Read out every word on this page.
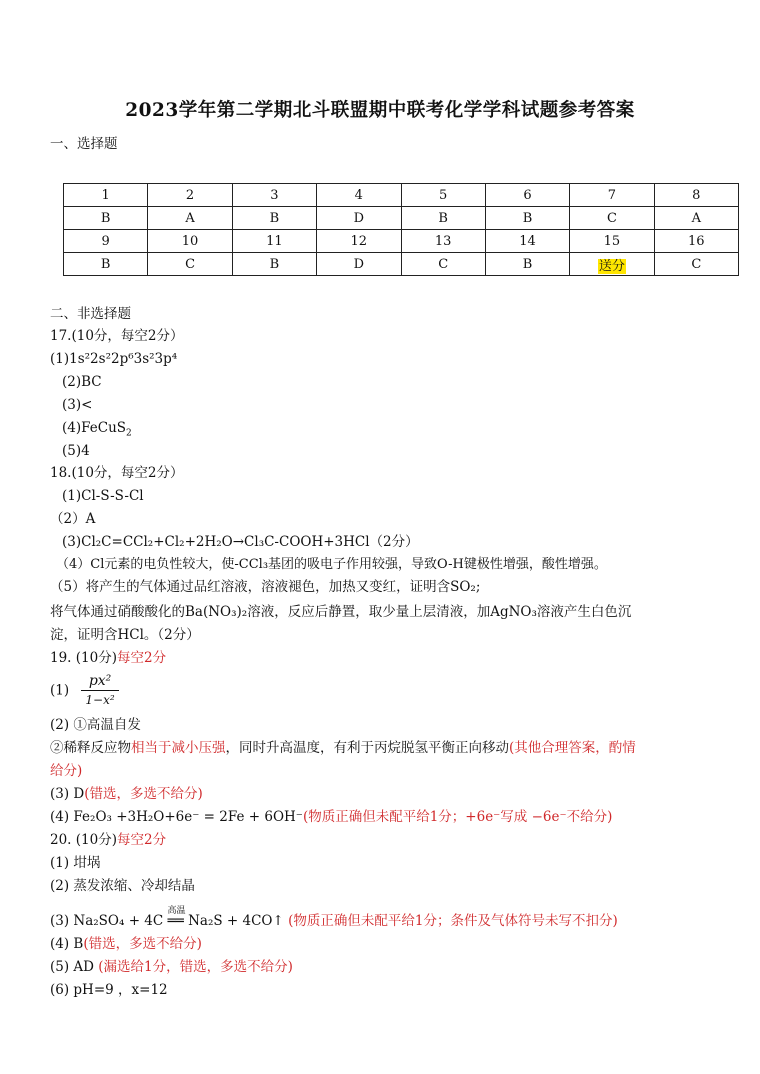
2023学年第二学期北斗联盟期中联考化学学科试题参考答案
一、选择题
1	2	3	4	5	6	7	8
B	A	B	D	B	B	C	A
9	10	11	12	13	14	15	16
B	C	B	D	C	B	送分	C
二、非选择题
17.(10分，每空2分）
(1)1s²2s²2p⁶3s²3p⁴
(2)BC
(3)<
(4)FeCuS$_2$
(5)4
18.(10分，每空2分）
(1)Cl-S-S-Cl
（2）A
(3)Cl₂C=CCl₂+Cl₂+2H₂O→Cl₃C-COOH+3HCl（2分）
（4）Cl元素的电负性较大，使-CCl₃基团的吸电子作用较强，导致O-H键极性增强，酸性增强。
（5）将产生的气体通过品红溶液，溶液褪色，加热又变红，证明含SO₂;
将气体通过硝酸酸化的Ba(NO₃)₂溶液，反应后静置，取少量上层清液，加AgNO₃溶液产生白色沉
淀，证明含HCl。（2分）
19. (10分)每空2分
$(1) \frac{\text{px²}}{\text{1−x²}}$
(2) ①高温自发
②稀释反应物相当于减小压强，同时升高温度，有利于丙烷脱氢平衡正向移动(其他合理答案，酌情
给分)
(3) D(错选，多选不给分)
(4) Fe₂O₃ +3H₂O+6e⁻ = 2Fe + 6OH⁻(物质正确但未配平给1分；+6e⁻写成 −6e⁻不给分)
20. (10分)每空2分
(1) 坩埚
(2) 蒸发浓缩、冷却结晶
(3) Na₂SO₄ + 4C
高温
══ Na₂S + 4CO↑ (物质正确但未配平给1分；条件及气体符号未写不扣分)
(4) B(错选，多选不给分)
(5) AD (漏选给1分，错选，多选不给分)
(6) pH=9 ，x=12
